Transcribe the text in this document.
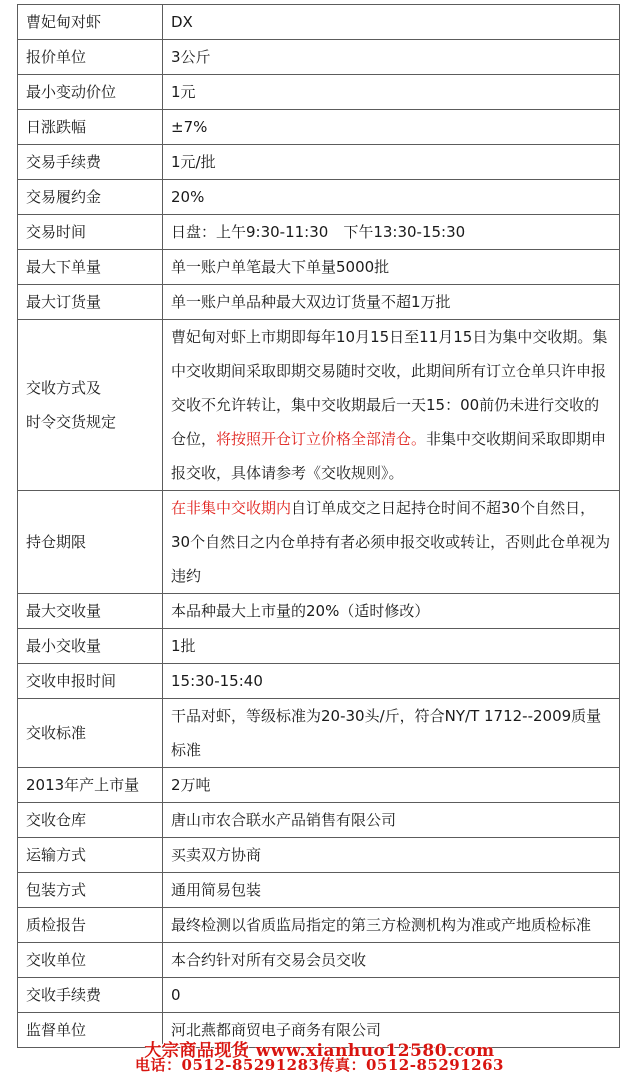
曹妃甸对虾	DX
报价单位	3公斤
最小变动价位	1元
日涨跌幅	±7%
交易手续费	1元/批
交易履约金	20%
交易时间	日盘：上午9:30-11:30　下午13:30-15:30
最大下单量	单一账户单笔最大下单量5000批
最大订货量	单一账户单品种最大双边订货量不超1万批
交收方式及
时令交货规定	曹妃甸对虾上市期即每年10月15日至11月15日为集中交收期。集中交收期间采取即期交易随时交收，此期间所有订立仓单只许申报交收不允许转让，集中交收期最后一天15：00前仍未进行交收的仓位，将按照开仓订立价格全部清仓。非集中交收期间采取即期申报交收，具体请参考《交收规则》。
持仓期限	在非集中交收期内自订单成交之日起持仓时间不超30个自然日，30个自然日之内仓单持有者必须申报交收或转让，否则此仓单视为违约
最大交收量	本品种最大上市量的20%（适时修改）
最小交收量	1批
交收申报时间	15:30-15:40
交收标准	干品对虾，等级标准为20-30头/斤，符合NY/T 1712--2009质量标准
2013年产上市量	2万吨
交收仓库	唐山市农合联水产品销售有限公司
运输方式	买卖双方协商
包装方式	通用简易包装
质检报告	最终检测以省质监局指定的第三方检测机构为准或产地质检标准
交收单位	本合约针对所有交易会员交收
交收手续费	0
监督单位	河北燕都商贸电子商务有限公司
大宗商品现货 www.xianhuo12580.com
电话：0512-85291283传真：0512-85291263
